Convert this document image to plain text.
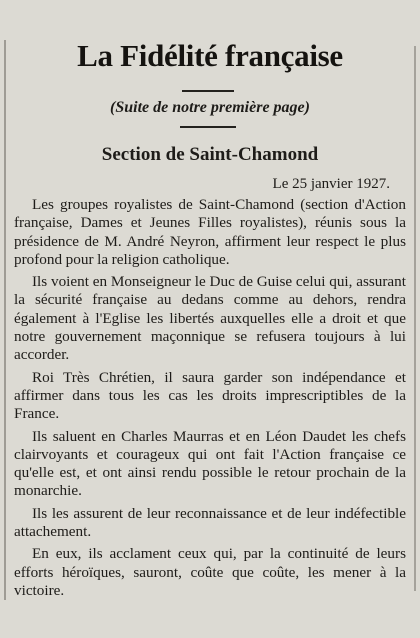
La Fidélité française
(Suite de notre première page)
Section de Saint-Chamond
Le 25 janvier 1927.

Les groupes royalistes de Saint-Chamond (section d'Action française, Dames et Jeunes Filles royalistes), réunis sous la présidence de M. André Neyron, affirment leur respect le plus profond pour la religion catholique.

Ils voient en Monseigneur le Duc de Guise celui qui, assurant la sécurité française au dedans comme au dehors, rendra également à l'Eglise les libertés auxquelles elle a droit et que notre gouvernement maçonnique se refusera toujours à lui accorder.

Roi Très Chrétien, il saura garder son indépendance et affirmer dans tous les cas les droits imprescriptibles de la France.

Ils saluent en Charles Maurras et en Léon Daudet les chefs clairvoyants et courageux qui ont fait l'Action française ce qu'elle est, et ont ainsi rendu possible le retour prochain de la monarchie.

Ils les assurent de leur reconnaissance et de leur indéfectible attachement.

En eux, ils acclament ceux qui, par la continuité de leurs efforts héroïques, sauront, coûte que coûte, les mener à la victoire.
